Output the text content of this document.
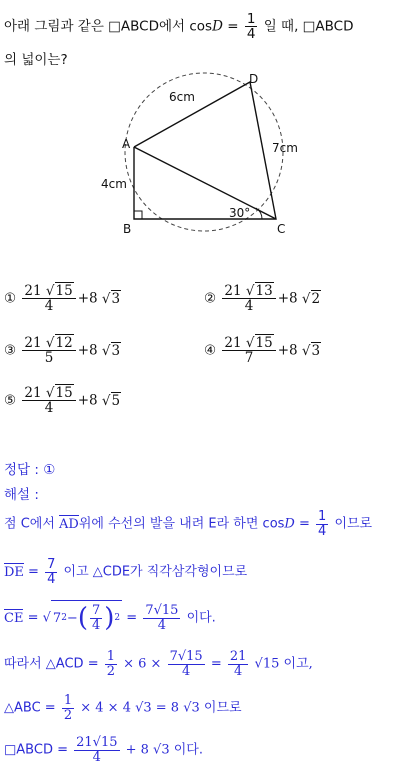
아래 그림과 같은 □ABCD에서 $\cos D = \frac{1}{4}$ 일 때, □ABCD
의 넓이는?
A
B	C
D
6cm
7cm
4cm
30°
① $\frac{21 √15}{4} +8$ √3	② $\frac{21 √13}{4} +8$ √2
③ $\frac{21 √12}{5} +8$ √3	④ $\frac{21 √15}{7} +8$ √3
⑤ $\frac{21 √15}{4} +8$ √5
정답 : ①
해설 :
점 C에서 AD위에 수선의 발을 내려 E라 하면 $\cos D = \frac{1}{4}$ 이므로
DE = $\frac{7}{4}$ 이고 △CDE가 직각삼각형이므로
CE = √ 7 2 − ( $\frac{7}{4}$ ) $2 = \frac{7√15}{4}$ 이다.
따라서 △ACD = $\frac{1}{2} \times 6 \times \frac{7√15}{4} = \frac{21}{4} √15$ 이고,
△ABC = $\frac{1}{2} \times 4 \times 4$ √3 = 8 √3 이므로
□ABCD = $\frac{21√15}{4} + 8$ √3 이다.
